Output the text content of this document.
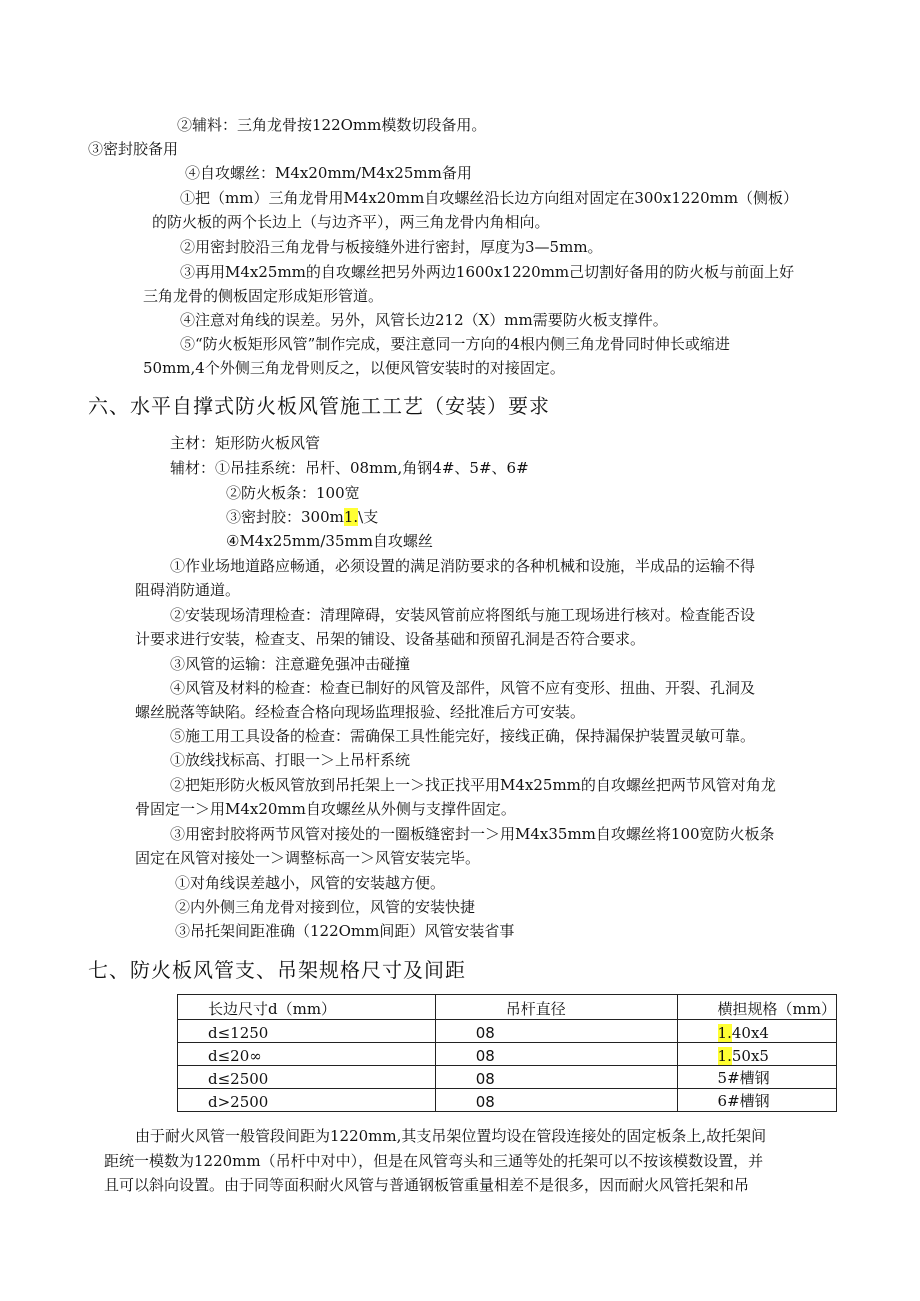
②辅料：三角龙骨按122Omm模数切段备用。
③密封胶备用
④自攻螺丝：M4x20mm∕M4x25mm备用
①把（mm）三角龙骨用M4x20mm自攻螺丝沿长边方向组对固定在300x1220mm（侧板）
的防火板的两个长边上（与边齐平），两三角龙骨内角相向。
②用密封胶沿三角龙骨与板接缝外进行密封，厚度为3—5mm。
③再用M4x25mm的自攻螺丝把另外两边1600x1220mm己切割好备用的防火板与前面上好
三角龙骨的侧板固定形成矩形管道。
④注意对角线的误差。另外，风管长边212（X）mm需要防火板支撑件。
⑤“防火板矩形风管”制作完成，要注意同一方向的4根内侧三角龙骨同时伸长或缩进
50mm,4个外侧三角龙骨则反之，以便风管安装时的对接固定。
六、水平自撑式防火板风管施工工艺（安装）要求
主材：矩形防火板风管
辅材：①吊挂系统：吊杆、08mm,角钢4#、5#、6#
②防火板条：100宽
③密封胶：300m1.\支
④M4x25mm∕35mm自攻螺丝
①作业场地道路应畅通，必须设置的满足消防要求的各种机械和设施，半成品的运输不得
阻碍消防通道。
②安装现场清理检查：清理障碍，安装风管前应将图纸与施工现场进行核对。检查能否设
计要求进行安装，检查支、吊架的铺设、设备基础和预留孔洞是否符合要求。
③风管的运输：注意避免强冲击碰撞
④风管及材料的检查：检查已制好的风管及部件，风管不应有变形、扭曲、开裂、孔洞及
螺丝脱落等缺陷。经检查合格向现场监理报验、经批准后方可安装。
⑤施工用工具设备的检查：需确保工具性能完好，接线正确，保持漏保护装置灵敏可靠。
①放线找标高、打眼一＞上吊杆系统
②把矩形防火板风管放到吊托架上一＞找正找平用M4x25mm的自攻螺丝把两节风管对角龙
骨固定一＞用M4x20mm自攻螺丝从外侧与支撑件固定。
③用密封胶将两节风管对接处的一圈板缝密封一＞用M4x35mm自攻螺丝将100宽防火板条
固定在风管对接处一＞调整标高一＞风管安装完毕。
①对角线误差越小，风管的安装越方便。
②内外侧三角龙骨对接到位，风管的安装快捷
③吊托架间距准确（122Omm间距）风管安装省事
七、防火板风管支、吊架规格尺寸及间距
长边尺寸d（mm）	吊杆直径	横担规格（mm）
d≤1250	08	1.40x4
d≤20∞	08	1.50x5
d≤2500	08	5#槽钢
d>2500	08	6#槽钢
由于耐火风管一般管段间距为1220mm,其支吊架位置均设在管段连接处的固定板条上,故托架间
距统一模数为1220mm（吊杆中对中），但是在风管弯头和三通等处的托架可以不按该模数设置，并
且可以斜向设置。由于同等面积耐火风管与普通钢板管重量相差不是很多，因而耐火风管托架和吊
